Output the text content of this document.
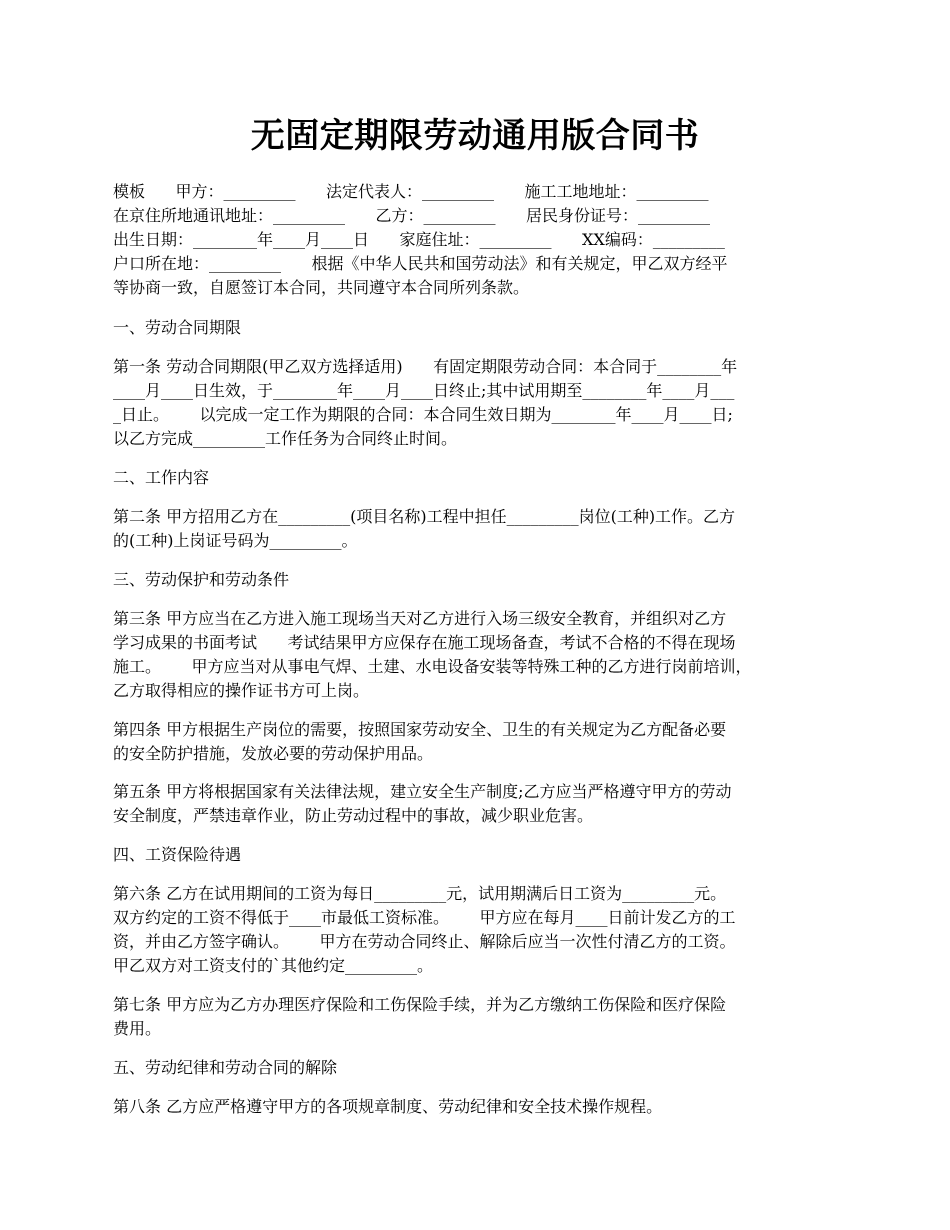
无固定期限劳动通用版合同书
模板      甲方：_________      法定代表人：_________      施工工地地址：_________
在京住所地通讯地址：_________      乙方：_________      居民身份证号：_________
出生日期：________年____月____日      家庭住址：_________      XX编码：_________
户口所在地：_________      根据《中华人民共和国劳动法》和有关规定，甲乙双方经平
等协商一致，自愿签订本合同，共同遵守本合同所列条款。
一、劳动合同期限
第一条 劳动合同期限(甲乙双方选择适用)      有固定期限劳动合同：本合同于________年
____月____日生效，于________年____月____日终止;其中试用期至________年____月___
_日止。      以完成一定工作为期限的合同：本合同生效日期为________年____月____日;
以乙方完成_________工作任务为合同终止时间。
二、工作内容
第二条 甲方招用乙方在_________(项目名称)工程中担任_________岗位(工种)工作。乙方
的(工种)上岗证号码为_________。
三、劳动保护和劳动条件
第三条 甲方应当在乙方进入施工现场当天对乙方进行入场三级安全教育，并组织对乙方
学习成果的书面考试      考试结果甲方应保存在施工现场备查，考试不合格的不得在现场
施工。      甲方应当对从事电气焊、土建、水电设备安装等特殊工种的乙方进行岗前培训，
乙方取得相应的操作证书方可上岗。
第四条 甲方根据生产岗位的需要，按照国家劳动安全、卫生的有关规定为乙方配备必要
的安全防护措施，发放必要的劳动保护用品。
第五条 甲方将根据国家有关法律法规，建立安全生产制度;乙方应当严格遵守甲方的劳动
安全制度，严禁违章作业，防止劳动过程中的事故，减少职业危害。
四、工资保险待遇
第六条 乙方在试用期间的工资为每日_________元，试用期满后日工资为_________元。
双方约定的工资不得低于____市最低工资标准。      甲方应在每月____日前计发乙方的工
资，并由乙方签字确认。      甲方在劳动合同终止、解除后应当一次性付清乙方的工资。
甲乙双方对工资支付的`其他约定_________。
第七条 甲方应为乙方办理医疗保险和工伤保险手续，并为乙方缴纳工伤保险和医疗保险
费用。
五、劳动纪律和劳动合同的解除
第八条 乙方应严格遵守甲方的各项规章制度、劳动纪律和安全技术操作规程。
